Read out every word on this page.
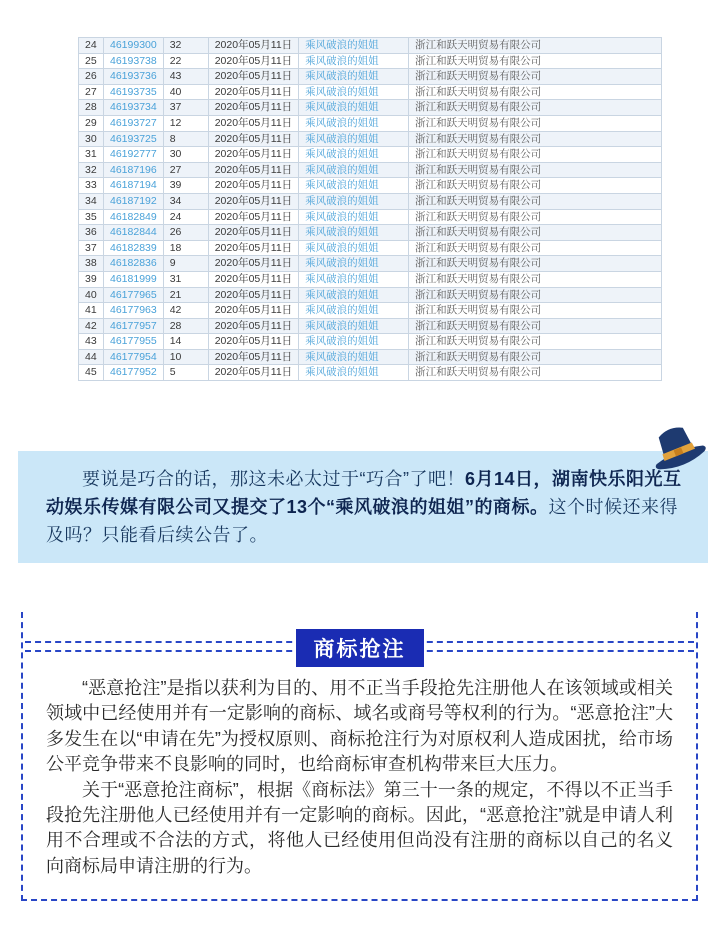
24	46199300	32	2020年05月11日	乘风破浪的姐姐	浙江和跃天明贸易有限公司
25	46193738	22	2020年05月11日	乘风破浪的姐姐	浙江和跃天明贸易有限公司
26	46193736	43	2020年05月11日	乘风破浪的姐姐	浙江和跃天明贸易有限公司
27	46193735	40	2020年05月11日	乘风破浪的姐姐	浙江和跃天明贸易有限公司
28	46193734	37	2020年05月11日	乘风破浪的姐姐	浙江和跃天明贸易有限公司
29	46193727	12	2020年05月11日	乘风破浪的姐姐	浙江和跃天明贸易有限公司
30	46193725	8	2020年05月11日	乘风破浪的姐姐	浙江和跃天明贸易有限公司
31	46192777	30	2020年05月11日	乘风破浪的姐姐	浙江和跃天明贸易有限公司
32	46187196	27	2020年05月11日	乘风破浪的姐姐	浙江和跃天明贸易有限公司
33	46187194	39	2020年05月11日	乘风破浪的姐姐	浙江和跃天明贸易有限公司
34	46187192	34	2020年05月11日	乘风破浪的姐姐	浙江和跃天明贸易有限公司
35	46182849	24	2020年05月11日	乘风破浪的姐姐	浙江和跃天明贸易有限公司
36	46182844	26	2020年05月11日	乘风破浪的姐姐	浙江和跃天明贸易有限公司
37	46182839	18	2020年05月11日	乘风破浪的姐姐	浙江和跃天明贸易有限公司
38	46182836	9	2020年05月11日	乘风破浪的姐姐	浙江和跃天明贸易有限公司
39	46181999	31	2020年05月11日	乘风破浪的姐姐	浙江和跃天明贸易有限公司
40	46177965	21	2020年05月11日	乘风破浪的姐姐	浙江和跃天明贸易有限公司
41	46177963	42	2020年05月11日	乘风破浪的姐姐	浙江和跃天明贸易有限公司
42	46177957	28	2020年05月11日	乘风破浪的姐姐	浙江和跃天明贸易有限公司
43	46177955	14	2020年05月11日	乘风破浪的姐姐	浙江和跃天明贸易有限公司
44	46177954	10	2020年05月11日	乘风破浪的姐姐	浙江和跃天明贸易有限公司
45	46177952	5	2020年05月11日	乘风破浪的姐姐	浙江和跃天明贸易有限公司

要说是巧合的话，那这未必太过于“巧合”了吧！6月14日，湖南快乐阳光互动娱乐传媒有限公司又提交了13个“乘风破浪的姐姐”的商标。这个时候还来得及吗？只能看后续公告了。

商标抢注

“恶意抢注”是指以获利为目的、用不正当手段抢先注册他人在该领域或相关领域中已经使用并有一定影响的商标、域名或商号等权利的行为。“恶意抢注”大多发生在以“申请在先”为授权原则、商标抢注行为对原权利人造成困扰，给市场公平竞争带来不良影响的同时，也给商标审查机构带来巨大压力。

关于“恶意抢注商标”，根据《商标法》第三十一条的规定，不得以不正当手段抢先注册他人已经使用并有一定影响的商标。因此，“恶意抢注”就是申请人利用不合理或不合法的方式，将他人已经使用但尚没有注册的商标以自己的名义向商标局申请注册的行为。
